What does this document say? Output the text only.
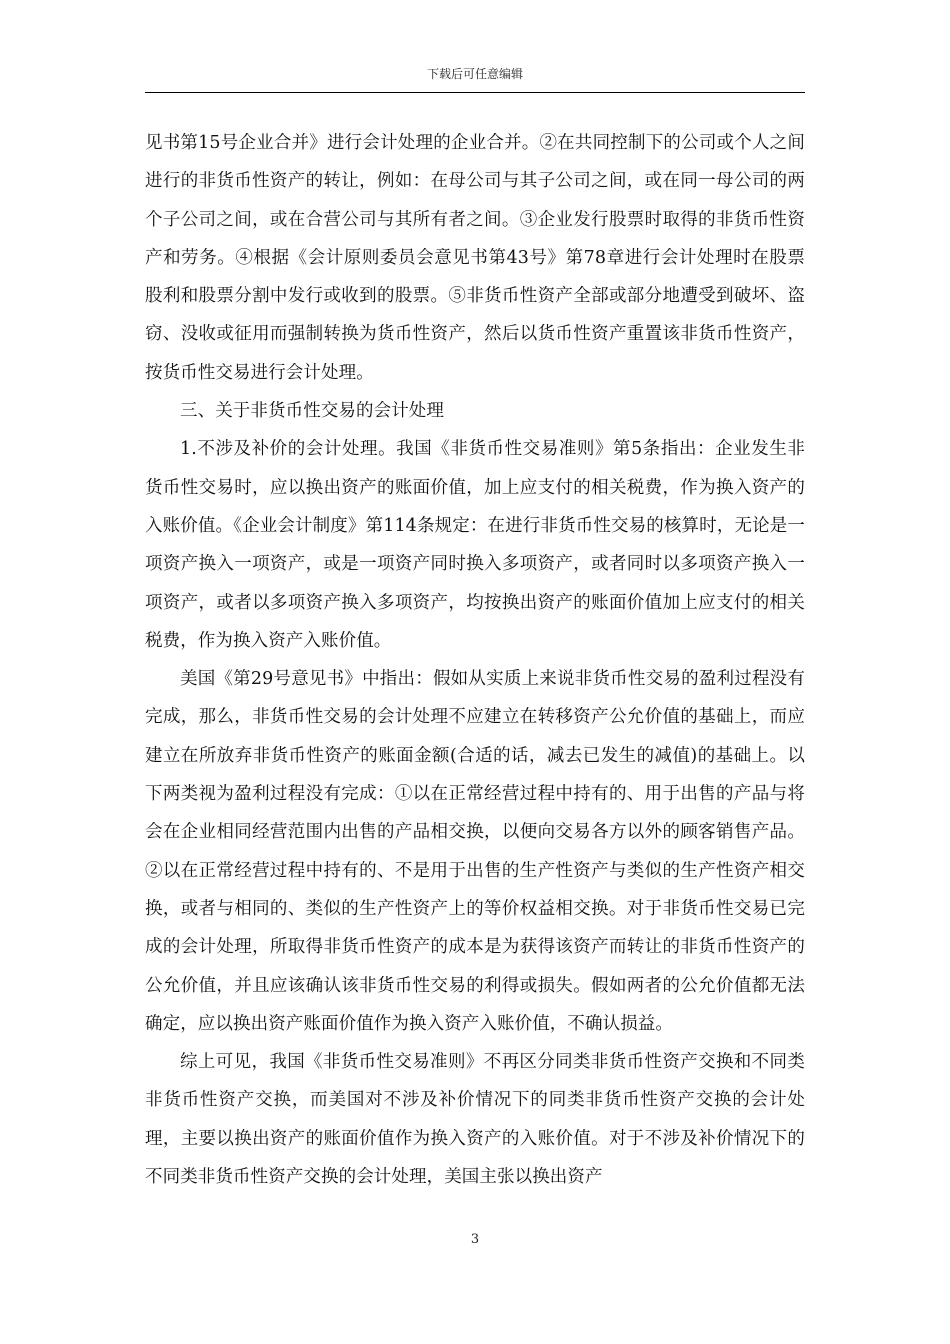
下载后可任意编辑

见书第15号企业合并》进行会计处理的企业合并。②在共同控制下的公司或个人之间进行的非货币性资产的转让，例如：在母公司与其子公司之间，或在同一母公司的两个子公司之间，或在合营公司与其所有者之间。③企业发行股票时取得的非货币性资产和劳务。④根据《会计原则委员会意见书第43号》第78章进行会计处理时在股票股利和股票分割中发行或收到的股票。⑤非货币性资产全部或部分地遭受到破坏、盗窃、没收或征用而强制转换为货币性资产，然后以货币性资产重置该非货币性资产，按货币性交易进行会计处理。

三、关于非货币性交易的会计处理

1.不涉及补价的会计处理。我国《非货币性交易准则》第5条指出：企业发生非货币性交易时，应以换出资产的账面价值，加上应支付的相关税费，作为换入资产的入账价值。《企业会计制度》第114条规定：在进行非货币性交易的核算时，无论是一项资产换入一项资产，或是一项资产同时换入多项资产，或者同时以多项资产换入一项资产，或者以多项资产换入多项资产，均按换出资产的账面价值加上应支付的相关税费，作为换入资产入账价值。

美国《第29号意见书》中指出：假如从实质上来说非货币性交易的盈利过程没有完成，那么，非货币性交易的会计处理不应建立在转移资产公允价值的基础上，而应建立在所放弃非货币性资产的账面金额(合适的话，减去已发生的减值)的基础上。以下两类视为盈利过程没有完成：①以在正常经营过程中持有的、用于出售的产品与将会在企业相同经营范围内出售的产品相交换，以便向交易各方以外的顾客销售产品。②以在正常经营过程中持有的、不是用于出售的生产性资产与类似的生产性资产相交换，或者与相同的、类似的生产性资产上的等价权益相交换。对于非货币性交易已完成的会计处理，所取得非货币性资产的成本是为获得该资产而转让的非货币性资产的公允价值，并且应该确认该非货币性交易的利得或损失。假如两者的公允价值都无法确定，应以换出资产账面价值作为换入资产入账价值，不确认损益。

综上可见，我国《非货币性交易准则》不再区分同类非货币性资产交换和不同类非货币性资产交换，而美国对不涉及补价情况下的同类非货币性资产交换的会计处理，主要以换出资产的账面价值作为换入资产的入账价值。对于不涉及补价情况下的不同类非货币性资产交换的会计处理，美国主张以换出资产

3
